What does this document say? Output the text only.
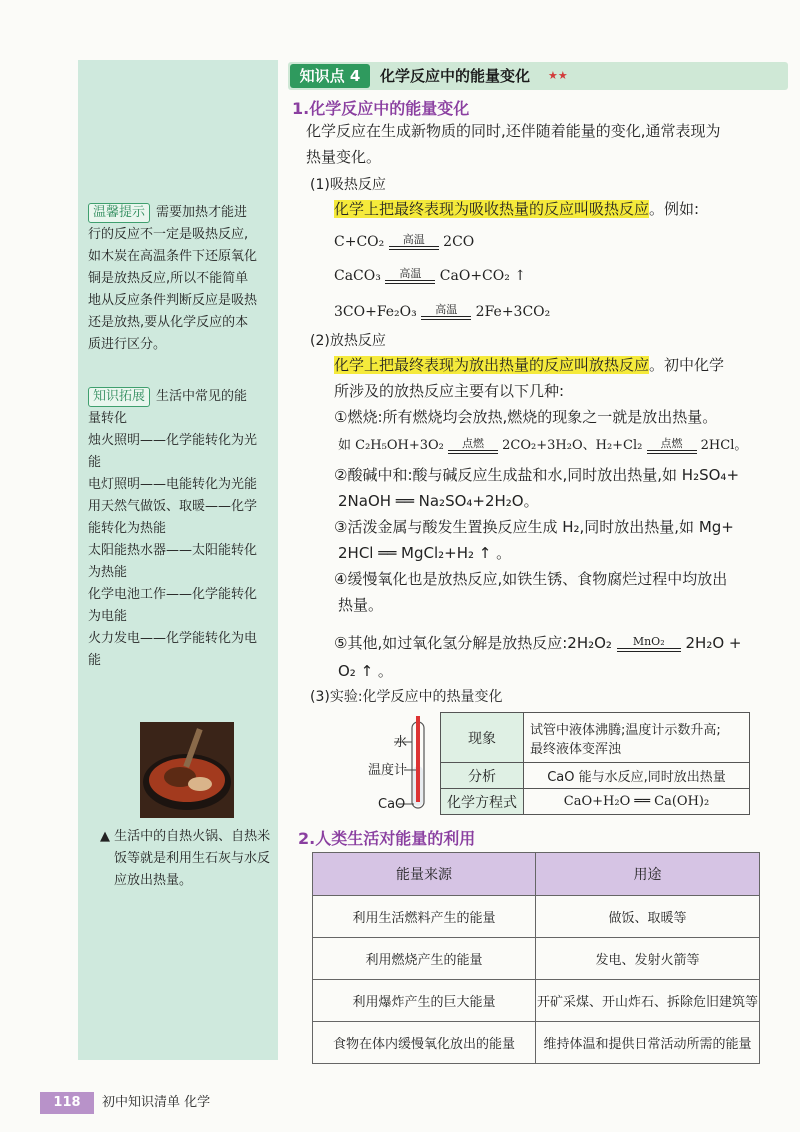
温馨提示 需要加热才能进
行的反应不一定是吸热反应,
如木炭在高温条件下还原氧化
铜是放热反应,所以不能简单
地从反应条件判断反应是吸热
还是放热,要从化学反应的本
质进行区分。
知识拓展 生活中常见的能
量转化
烛火照明——化学能转化为光能
电灯照明——电能转化为光能
用天然气做饭、取暖——化学
能转化为热能
太阳能热水器——太阳能转化
为热能
化学电池工作——化学能转化
为电能
火力发电——化学能转化为电能
▲ 生活中的自热火锅、自热米
饭等就是利用生石灰与水反
应放出热量。
知识点 4	化学反应中的能量变化 ★★
1.化学反应中的能量变化
化学反应在生成新物质的同时,还伴随着能量的变化,通常表现为
热量变化。
(1)吸热反应
化学上把最终表现为吸收热量的反应叫吸热反应。例如:
C+CO₂	高温	2CO
CaCO₃	高温	CaO+CO₂ ↑
3CO+Fe₂O₃	高温	2Fe+3CO₂
(2)放热反应
化学上把最终表现为放出热量的反应叫放热反应。初中化学
所涉及的放热反应主要有以下几种:
①燃烧:所有燃烧均会放热,燃烧的现象之一就是放出热量。
如 C₂H₅OH+3O₂	点燃	2CO₂+3H₂O、H₂+Cl₂	点燃	2HCl。
②酸碱中和:酸与碱反应生成盐和水,同时放出热量,如 H₂SO₄+
2NaOH ══ Na₂SO₄+2H₂O。
③活泼金属与酸发生置换反应生成 H₂,同时放出热量,如 Mg+
2HCl ══ MgCl₂+H₂ ↑ 。
④缓慢氧化也是放热反应,如铁生锈、食物腐烂过程中均放出
热量。
⑤其他,如过氧化氢分解是放热反应:2H₂O₂	MnO₂	2H₂O +
O₂ ↑ 。
(3)实验:化学反应中的热量变化
水
温度计
CaO
现象	试管中液体沸腾;温度计示数升高;
最终液体变浑浊

分析	CaO 能与水反应,同时放出热量
化学方程式	CaO+H₂O ══ Ca(OH)₂
2.人类生活对能量的利用
能量来源	用途
利用生活燃料产生的能量	做饭、取暖等
利用燃烧产生的能量	发电、发射火箭等
利用爆炸产生的巨大能量	开矿采煤、开山炸石、拆除危旧建筑等
食物在体内缓慢氧化放出的能量	维持体温和提供日常活动所需的能量
118	初中知识清单 化学
